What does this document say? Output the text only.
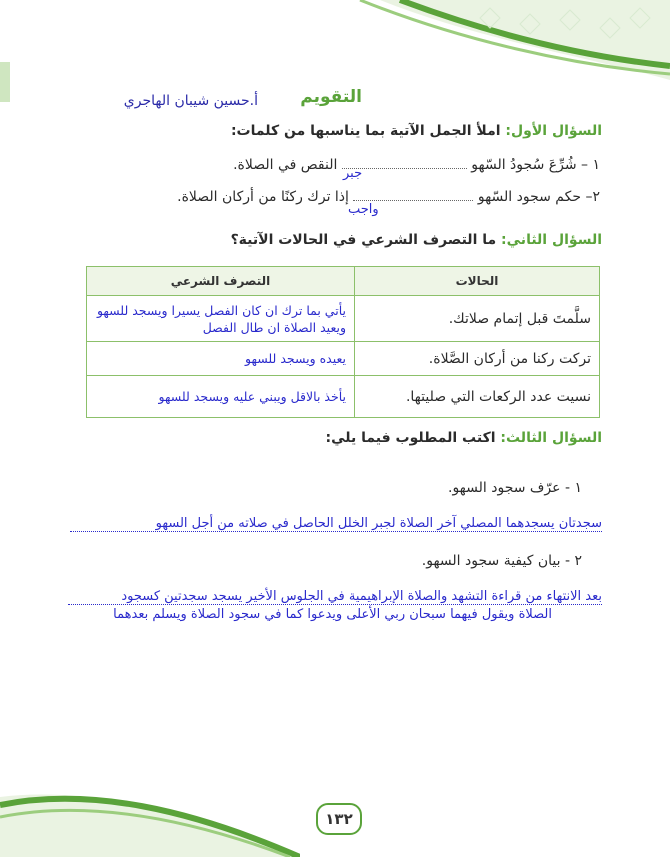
التقويم
أ.حسين شيبان الهاجري
السؤال الأول: املأ الجمل الآتية بما يناسبها من كلمات:
١ – شُرِّعَ سُجودُ السّهو  النقص في الصلاة.
جبر
٢– حكم سجود السّهو  إذا ترك ركنًا من أركان الصلاة.
واجب
السؤال الثاني: ما التصرف الشرعي في الحالات الآتية؟
الحالات	التصرف الشرعي
سلَّمتَ قبل إتمام صلاتك.	يأتي بما ترك ان كان الفصل يسيرا ويسجد للسهو ويعيد الصلاة ان طال الفصل
تركت ركنا من أركان الصَّلاة.	يعيده ويسجد للسهو
نسيت عدد الركعات التي صليتها.	يأخذ بالاقل ويبني عليه ويسجد للسهو
السؤال الثالث: اكتب المطلوب فيما يلي:
١ - عرّف سجود السهو.
سجدتان يسجدهما المصلي آخر الصلاة لجبر الخلل الحاصل في صلاته من أجل السهو
٢ - بيان كيفية سجود السهو.
بعد الانتهاء من قراءة التشهد والصلاة الإبراهيمية في الجلوس الأخير يسجد سجدتين كسجود
الصلاة ويقول فيهما سبحان ربي الأعلى ويدعوا كما في سجود الصلاة ويسلم بعدهما
١٣٢
